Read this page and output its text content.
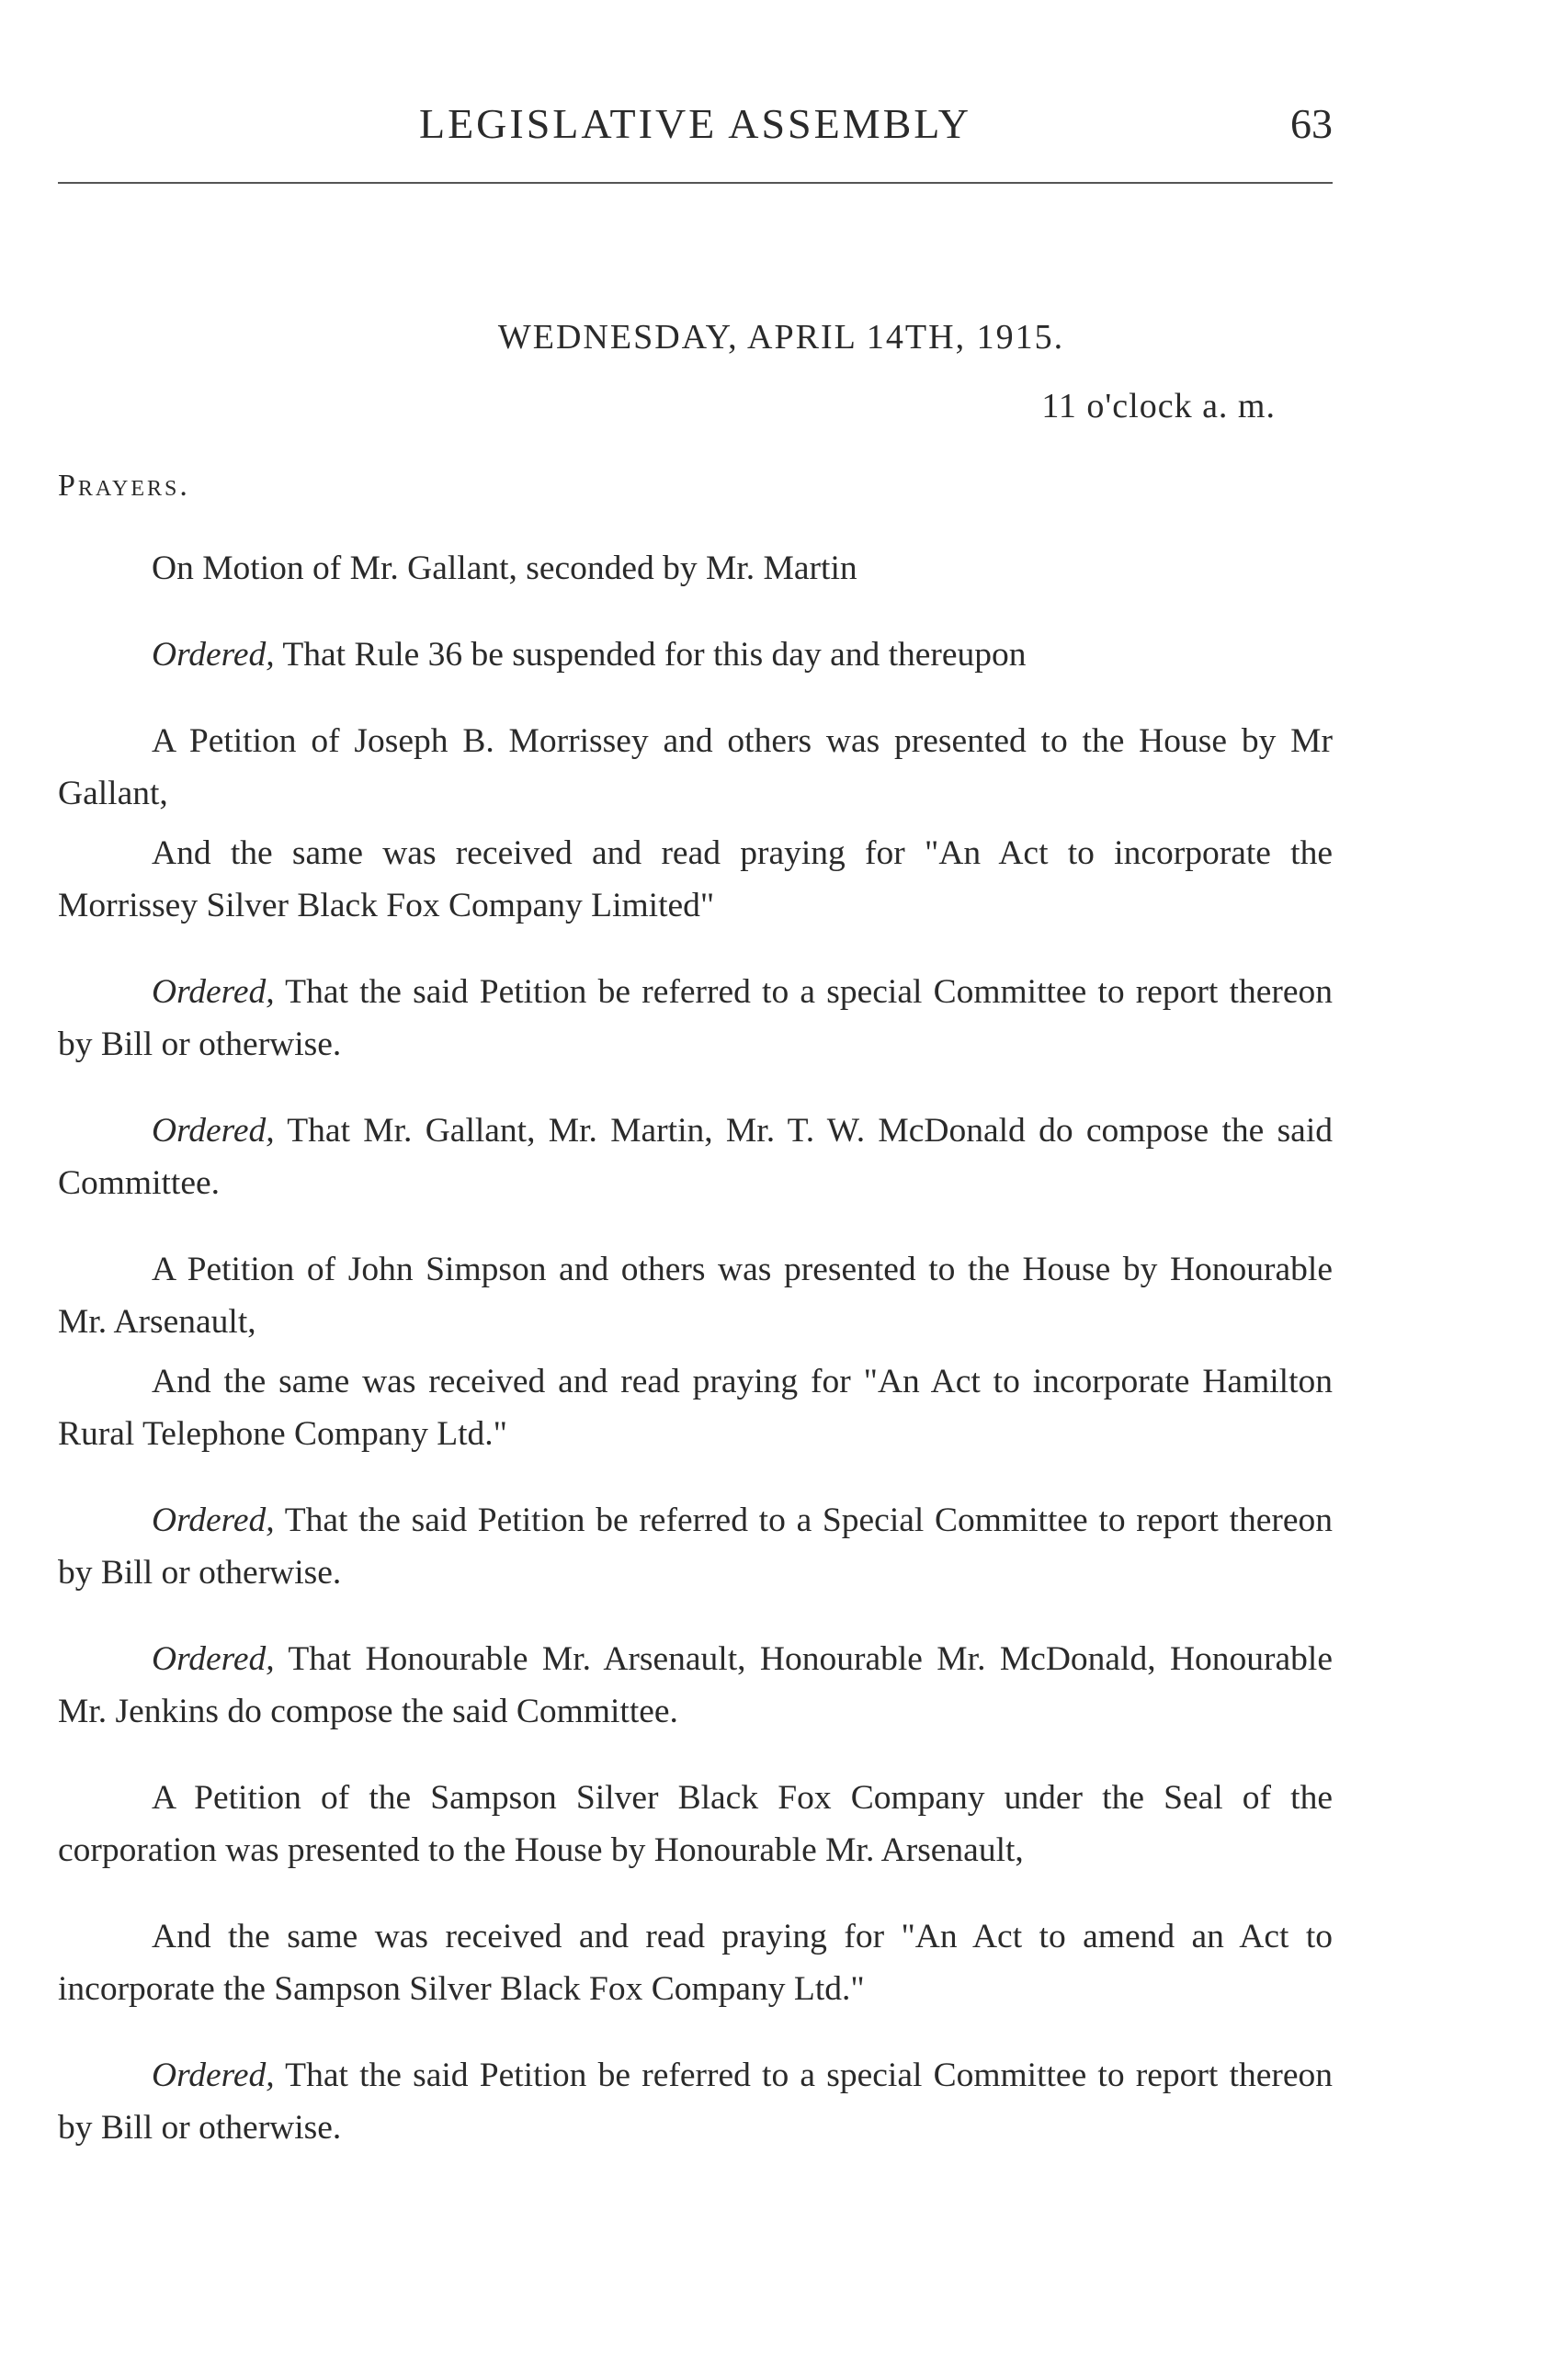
LEGISLATIVE ASSEMBLY	63
WEDNESDAY, APRIL 14TH, 1915.
11 o'clock a. m.
Prayers.

On Motion of Mr. Gallant, seconded by Mr. Martin

Ordered, That Rule 36 be suspended for this day and thereupon

A Petition of Joseph B. Morrissey and others was presented to the House by Mr Gallant,

And the same was received and read praying for "An Act to incorporate the Morrissey Silver Black Fox Company Limited"

Ordered, That the said Petition be referred to a special Committee to report thereon by Bill or otherwise.

Ordered, That Mr. Gallant, Mr. Martin, Mr. T. W. McDonald do compose the said Committee.

A Petition of John Simpson and others was presented to the House by Honourable Mr. Arsenault,

And the same was received and read praying for "An Act to incorporate Hamilton Rural Telephone Company Ltd."

Ordered, That the said Petition be referred to a Special Committee to report thereon by Bill or otherwise.

Ordered, That Honourable Mr. Arsenault, Honourable Mr. McDonald, Honourable Mr. Jenkins do compose the said Committee.

A Petition of the Sampson Silver Black Fox Company under the Seal of the corporation was presented to the House by Honourable Mr. Arsenault,

And the same was received and read praying for "An Act to amend an Act to incorporate the Sampson Silver Black Fox Company Ltd."

Ordered, That the said Petition be referred to a special Committee to report thereon by Bill or otherwise.
